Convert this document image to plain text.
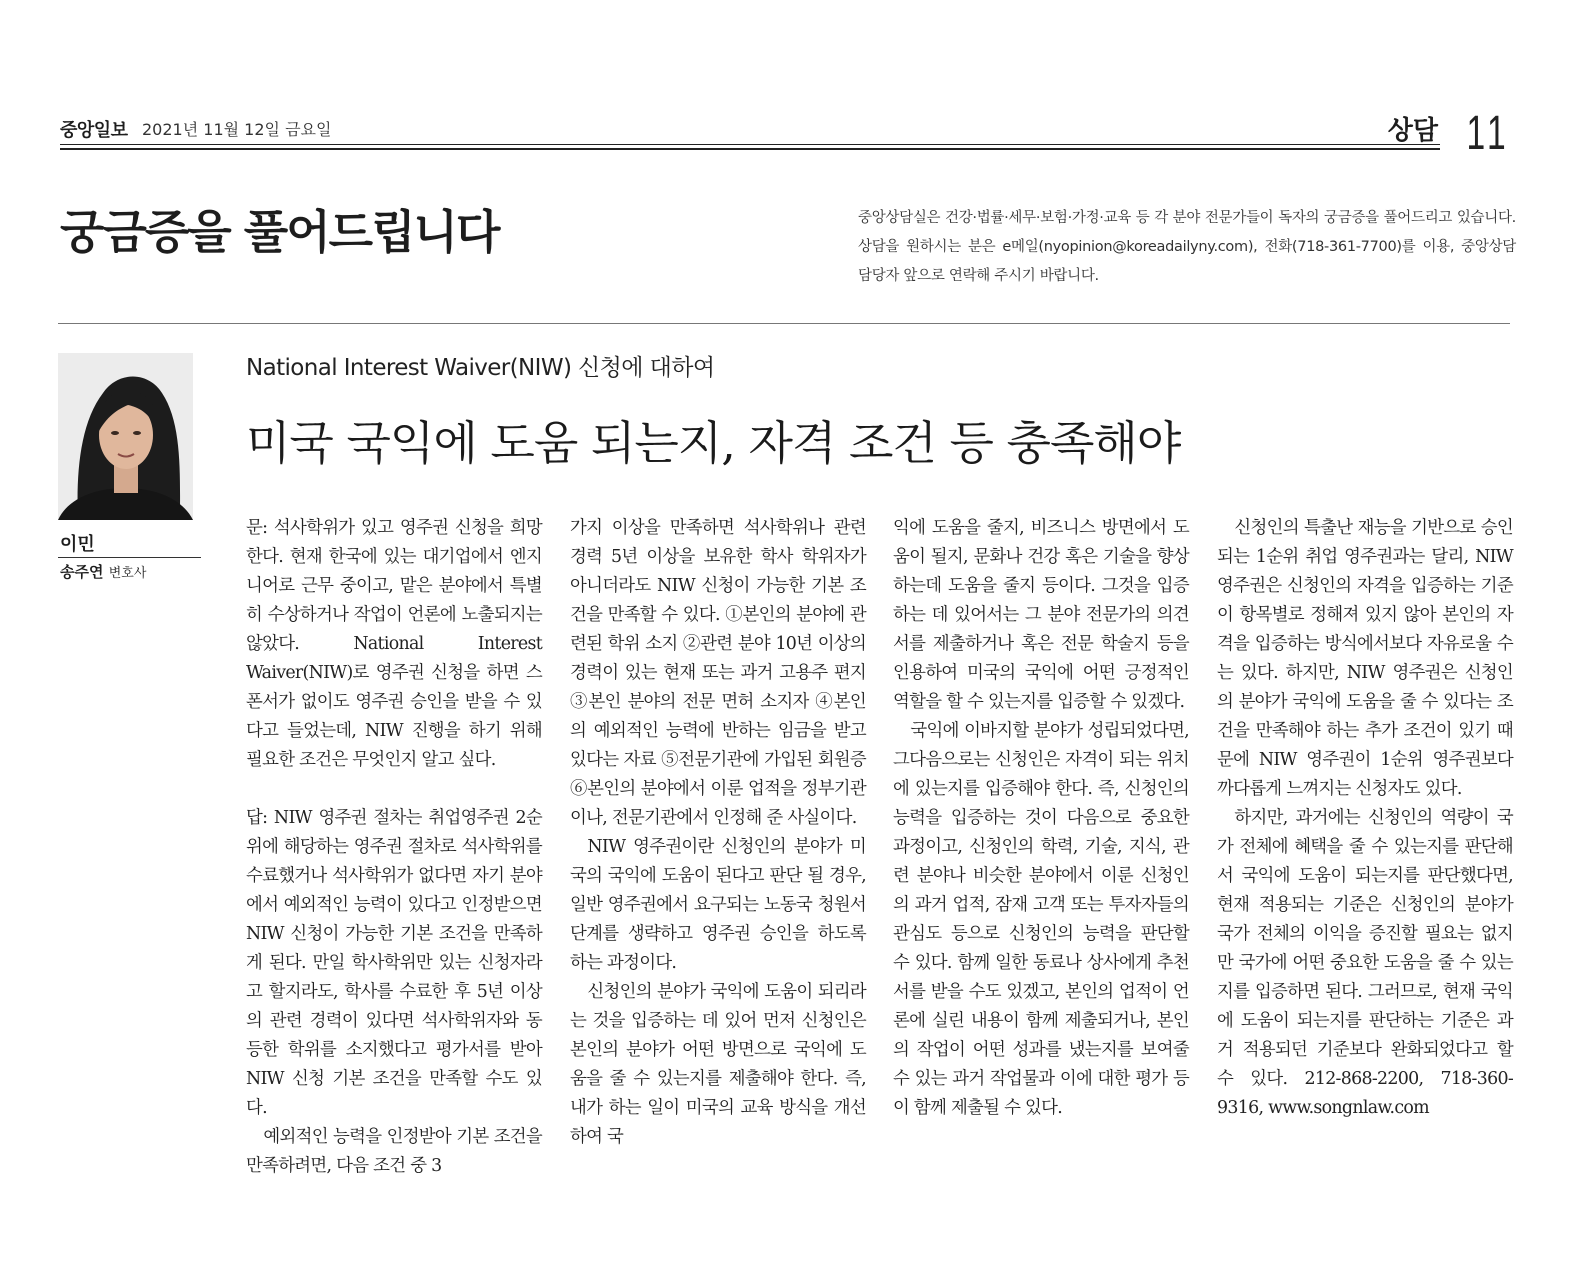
중앙일보 2021년 11월 12일 금요일	상담 11
궁금증을 풀어드립니다	중앙상담실은 건강·법률·세무·보험·가정·교육 등 각 분야 전문가들이 독자의 궁금증을 풀어드리고 있습니다. 상담을 원하시는 분은 e메일(nyopinion@koreadailyny.com), 전화(718-361-7700)를 이용, 중앙상담 담당자 앞으로 연락해 주시기 바랍니다.
이민
송주연 변호사
National Interest Waiver(NIW) 신청에 대하여
미국 국익에 도움 되는지, 자격 조건 등 충족해야

문: 석사학위가 있고 영주권 신청을 희망한다. 현재 한국에 있는 대기업에서 엔지니어로 근무 중이고, 맡은 분야에서 특별히 수상하거나 작업이 언론에 노출되지는 않았다. National Interest Waiver(NIW)로 영주권 신청을 하면 스폰서가 없이도 영주권 승인을 받을 수 있다고 들었는데, NIW 진행을 하기 위해 필요한 조건은 무엇인지 알고 싶다.

답: NIW 영주권 절차는 취업영주권 2순위에 해당하는 영주권 절차로 석사학위를 수료했거나 석사학위가 없다면 자기 분야에서 예외적인 능력이 있다고 인정받으면 NIW 신청이 가능한 기본 조건을 만족하게 된다. 만일 학사학위만 있는 신청자라고 할지라도, 학사를 수료한 후 5년 이상의 관련 경력이 있다면 석사학위자와 동등한 학위를 소지했다고 평가서를 받아 NIW 신청 기본 조건을 만족할 수도 있다.

예외적인 능력을 인정받아 기본 조건을 만족하려면, 다음 조건 중 3

가지 이상을 만족하면 석사학위나 관련 경력 5년 이상을 보유한 학사 학위자가 아니더라도 NIW 신청이 가능한 기본 조건을 만족할 수 있다. ①본인의 분야에 관련된 학위 소지 ②관련 분야 10년 이상의 경력이 있는 현재 또는 과거 고용주 편지 ③본인 분야의 전문 면허 소지자 ④본인의 예외적인 능력에 반하는 임금을 받고 있다는 자료 ⑤전문기관에 가입된 회원증 ⑥본인의 분야에서 이룬 업적을 정부기관이나, 전문기관에서 인정해 준 사실이다.

NIW 영주권이란 신청인의 분야가 미국의 국익에 도움이 된다고 판단 될 경우, 일반 영주권에서 요구되는 노동국 청원서 단계를 생략하고 영주권 승인을 하도록 하는 과정이다.

신청인의 분야가 국익에 도움이 되리라는 것을 입증하는 데 있어 먼저 신청인은 본인의 분야가 어떤 방면으로 국익에 도움을 줄 수 있는지를 제출해야 한다. 즉, 내가 하는 일이 미국의 교육 방식을 개선하여 국

익에 도움을 줄지, 비즈니스 방면에서 도움이 될지, 문화나 건강 혹은 기술을 향상하는데 도움을 줄지 등이다. 그것을 입증하는 데 있어서는 그 분야 전문가의 의견서를 제출하거나 혹은 전문 학술지 등을 인용하여 미국의 국익에 어떤 긍정적인 역할을 할 수 있는지를 입증할 수 있겠다.

국익에 이바지할 분야가 성립되었다면, 그다음으로는 신청인은 자격이 되는 위치에 있는지를 입증해야 한다. 즉, 신청인의 능력을 입증하는 것이 다음으로 중요한 과정이고, 신청인의 학력, 기술, 지식, 관련 분야나 비슷한 분야에서 이룬 신청인의 과거 업적, 잠재 고객 또는 투자자들의 관심도 등으로 신청인의 능력을 판단할 수 있다. 함께 일한 동료나 상사에게 추천서를 받을 수도 있겠고, 본인의 업적이 언론에 실린 내용이 함께 제출되거나, 본인의 작업이 어떤 성과를 냈는지를 보여줄 수 있는 과거 작업물과 이에 대한 평가 등이 함께 제출될 수 있다.

신청인의 특출난 재능을 기반으로 승인되는 1순위 취업 영주권과는 달리, NIW 영주권은 신청인의 자격을 입증하는 기준이 항목별로 정해져 있지 않아 본인의 자격을 입증하는 방식에서보다 자유로울 수는 있다. 하지만, NIW 영주권은 신청인의 분야가 국익에 도움을 줄 수 있다는 조건을 만족해야 하는 추가 조건이 있기 때문에 NIW 영주권이 1순위 영주권보다 까다롭게 느껴지는 신청자도 있다.

하지만, 과거에는 신청인의 역량이 국가 전체에 혜택을 줄 수 있는지를 판단해서 국익에 도움이 되는지를 판단했다면, 현재 적용되는 기준은 신청인의 분야가 국가 전체의 이익을 증진할 필요는 없지만 국가에 어떤 중요한 도움을 줄 수 있는지를 입증하면 된다. 그러므로, 현재 국익에 도움이 되는지를 판단하는 기준은 과거 적용되던 기준보다 완화되었다고 할 수 있다. 212-868-2200, 718-360-9316, www.songnlaw.com
